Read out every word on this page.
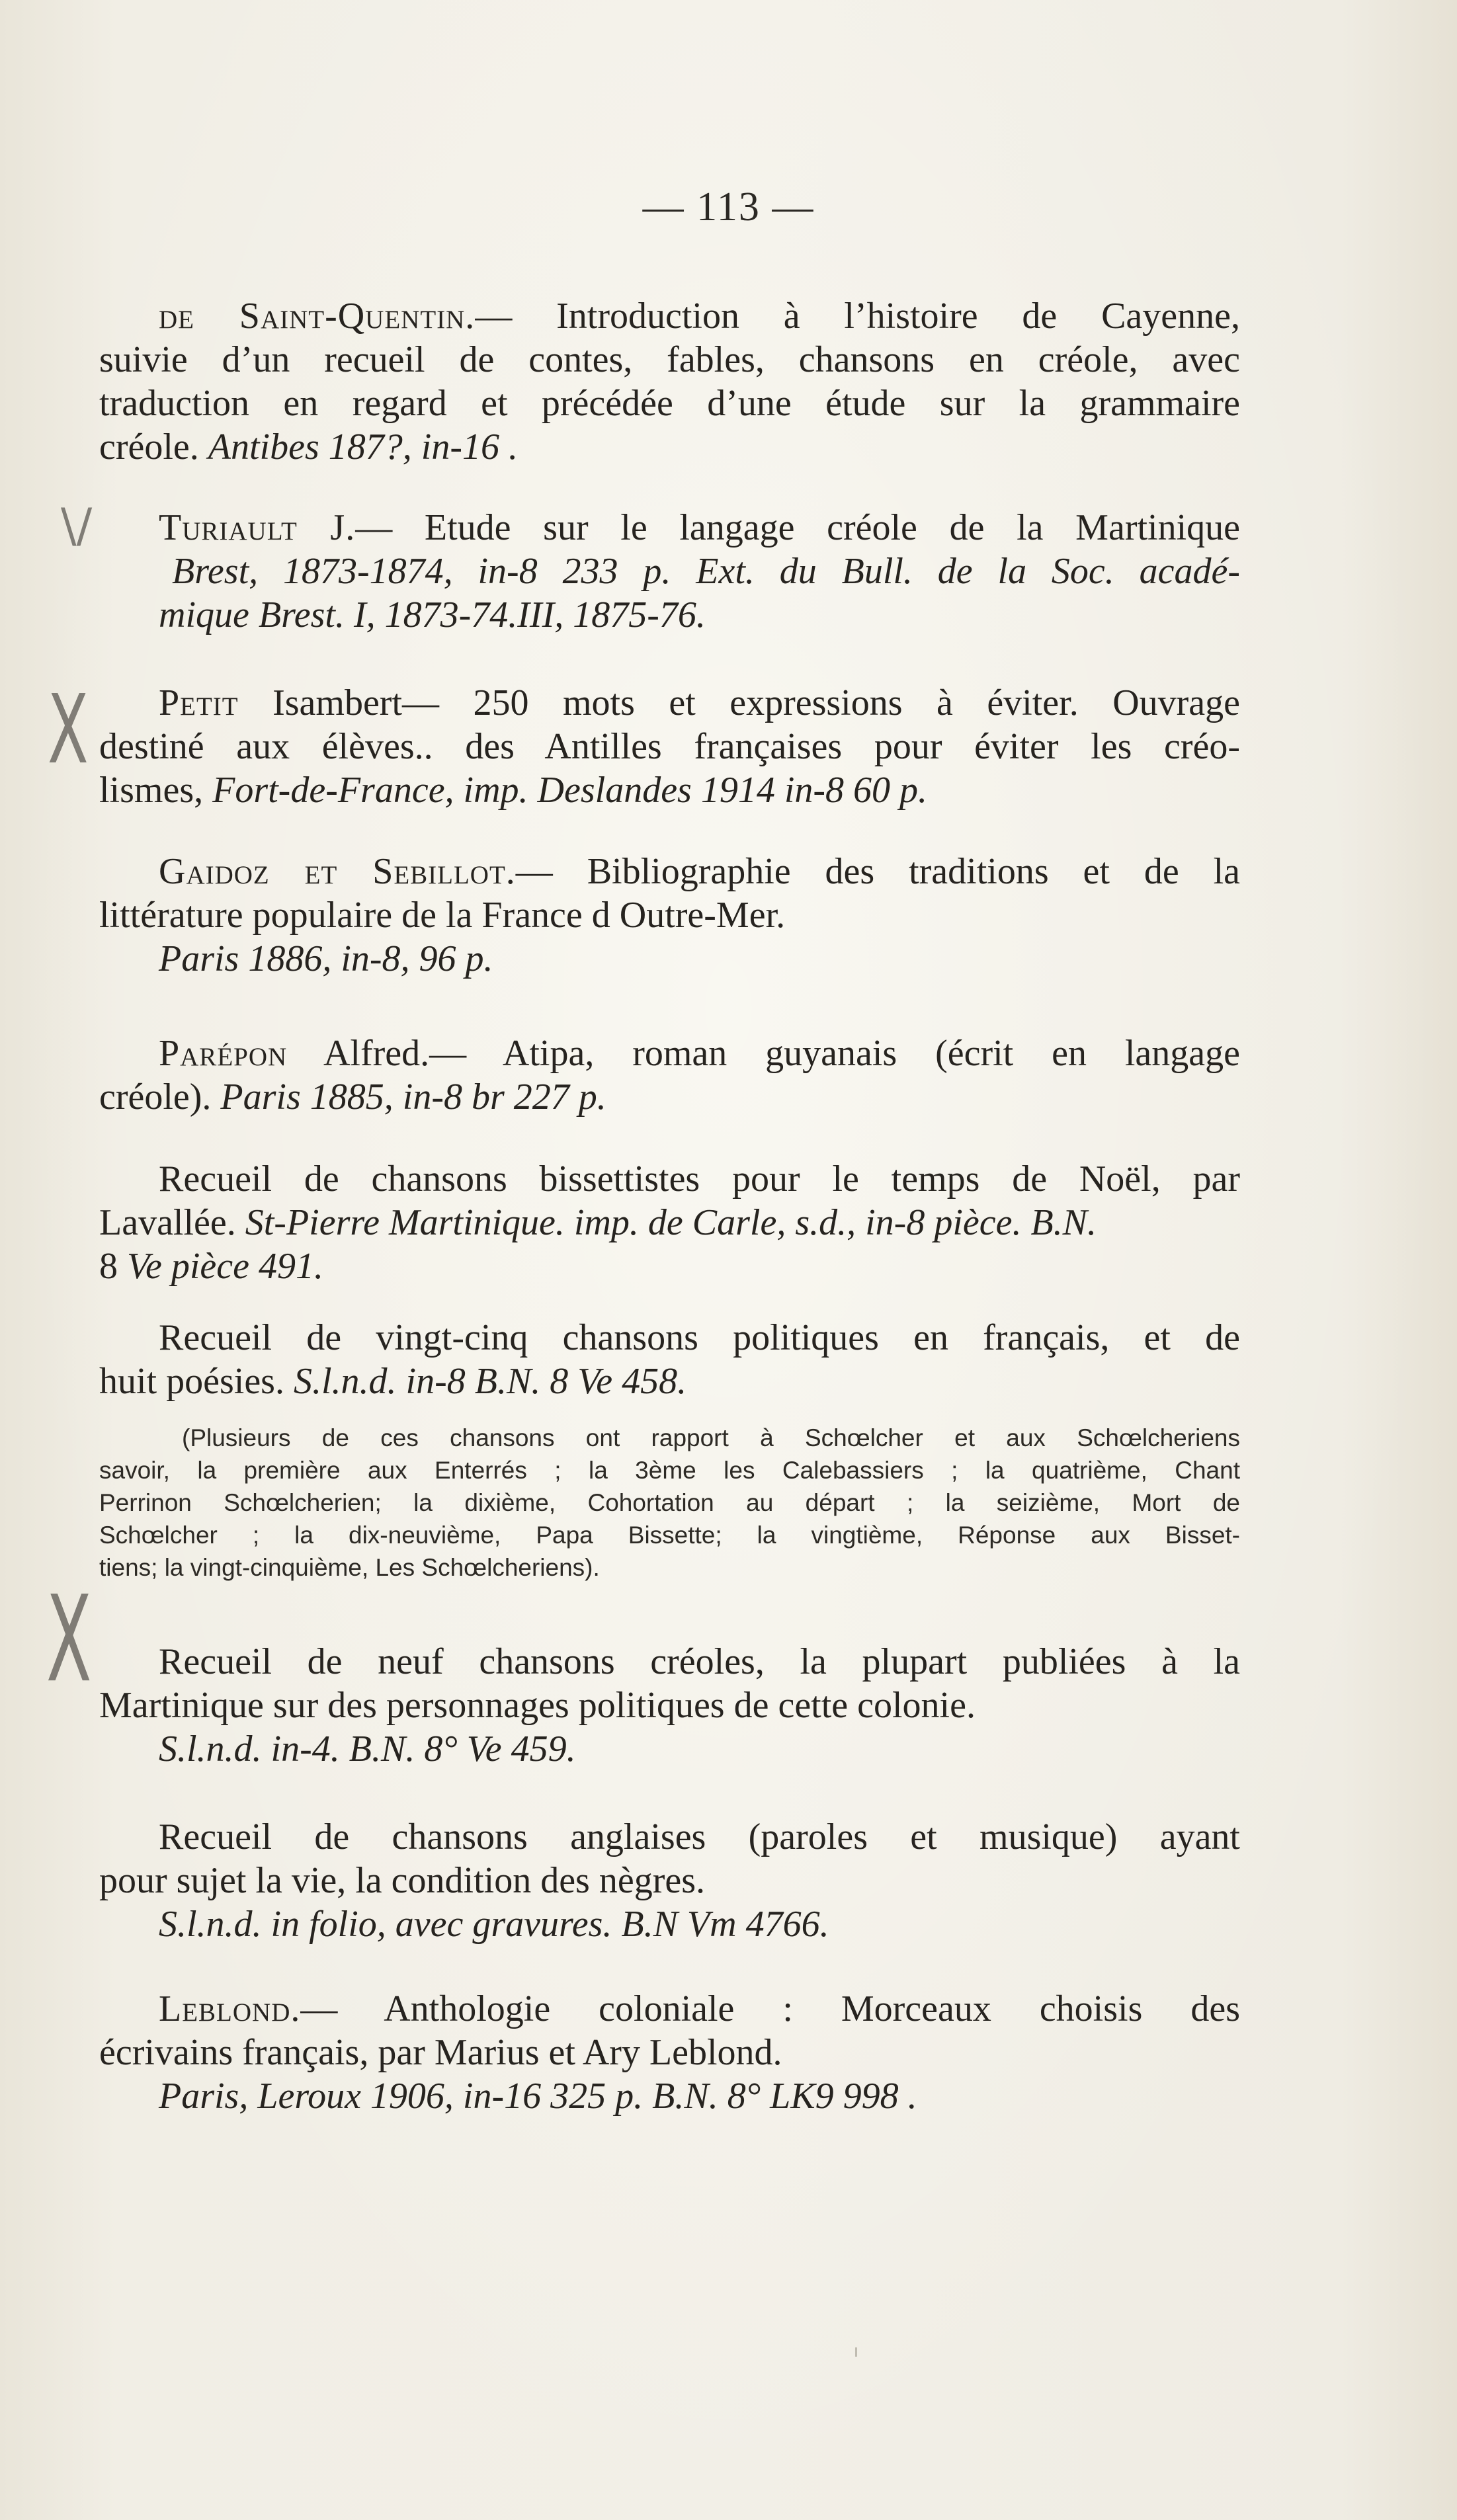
— 113 —
\/
X
X
de Saint-Quentin.— Introduction à l’histoire de Cayenne,
suivie d’un recueil de contes, fables, chansons en créole, avec
traduction en regard et précédée d’une étude sur la grammaire
créole. Antibes 187?, in-16 .
Turiault J.— Etude sur le langage créole de la Martinique
Brest, 1873-1874, in-8 233 p. Ext. du Bull. de la Soc. acadé-
mique Brest. I, 1873-74.III, 1875-76.
Petit Isambert— 250 mots et expressions à éviter. Ouvrage
destiné aux élèves.. des Antilles françaises pour éviter les créo-
lismes, Fort-de-France, imp. Deslandes 1914 in-8 60 p.
Gaidoz et Sebillot.— Bibliographie des traditions et de la
littérature populaire de la France d Outre-Mer.
Paris 1886, in-8, 96 p.
Parépon Alfred.— Atipa, roman guyanais (écrit en langage
créole). Paris 1885, in-8 br 227 p.
Recueil de chansons bissettistes pour le temps de Noël, par
Lavallée. St-Pierre Martinique. imp. de Carle, s.d., in-8 pièce. B.N.
8 Ve pièce 491.
Recueil de vingt-cinq chansons politiques en français, et de
huit poésies. S.l.n.d. in-8 B.N. 8 Ve 458.
(Plusieurs de ces chansons ont rapport à Schœlcher et aux Schœlcheriens
savoir, la première aux Enterrés ; la 3ème les Calebassiers ; la quatrième, Chant
Perrinon Schœlcherien; la dixième, Cohortation au départ ; la seizième, Mort de
Schœlcher ; la dix-neuvième, Papa Bissette; la vingtième, Réponse aux Bisset-
tiens; la vingt-cinquième, Les Schœlcheriens).
Recueil de neuf chansons créoles, la plupart publiées à la
Martinique sur des personnages politiques de cette colonie.
S.l.n.d. in-4. B.N. 8° Ve 459.
Recueil de chansons anglaises (paroles et musique) ayant
pour sujet la vie, la condition des nègres.
S.l.n.d. in folio, avec gravures. B.N Vm 4766.
Leblond.— Anthologie coloniale : Morceaux choisis des
écrivains français, par Marius et Ary Leblond.
Paris, Leroux 1906, in-16 325 p. B.N. 8° LK9 998 .
